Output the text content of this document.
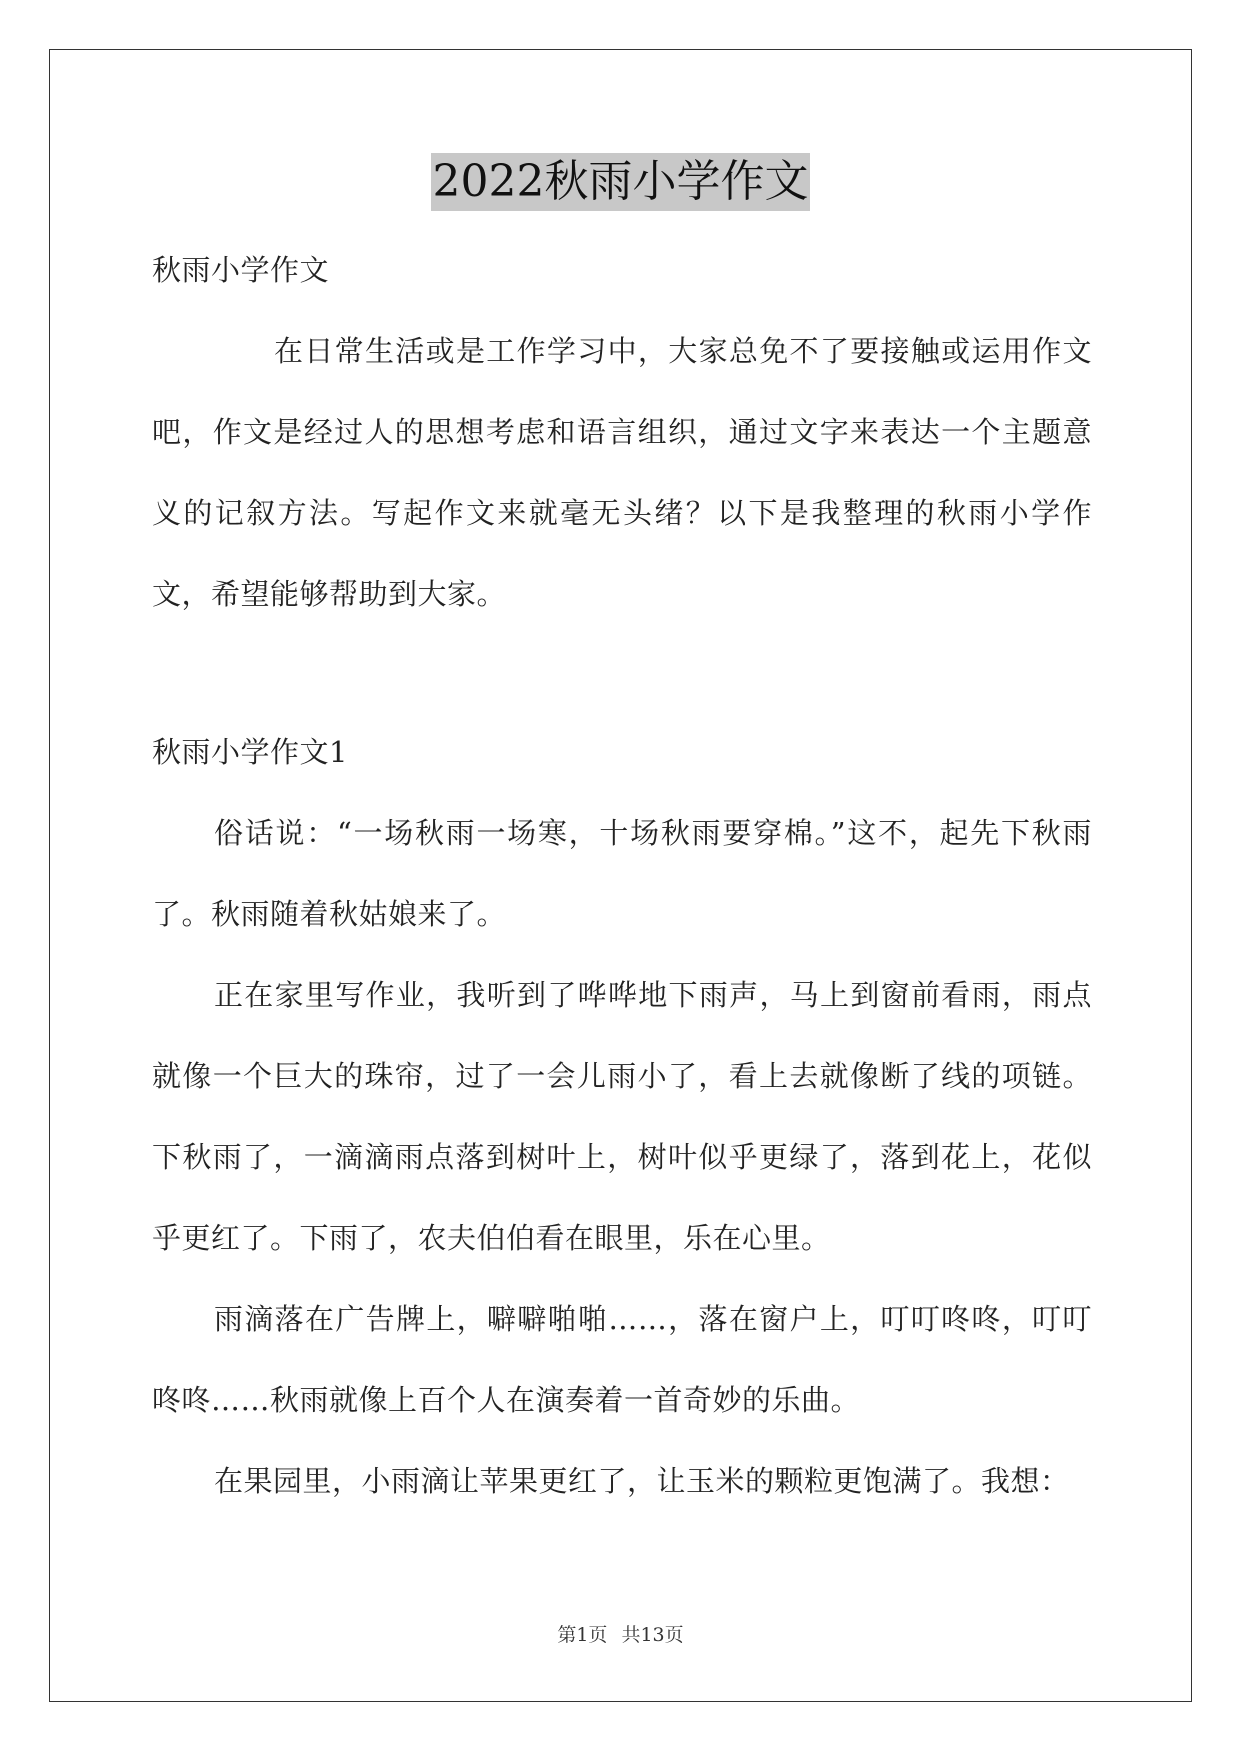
2022秋雨小学作文

秋雨小学作文

在日常生活或是工作学习中，大家总免不了要接触或运用作文吧，作文是经过人的思想考虑和语言组织，通过文字来表达一个主题意义的记叙方法。写起作文来就毫无头绪？以下是我整理的秋雨小学作文，希望能够帮助到大家。

秋雨小学作文1

俗话说：“一场秋雨一场寒，十场秋雨要穿棉。”这不，起先下秋雨了。秋雨随着秋姑娘来了。

正在家里写作业，我听到了哗哗地下雨声，马上到窗前看雨，雨点就像一个巨大的珠帘，过了一会儿雨小了，看上去就像断了线的项链。下秋雨了，一滴滴雨点落到树叶上，树叶似乎更绿了，落到花上，花似乎更红了。下雨了，农夫伯伯看在眼里，乐在心里。

雨滴落在广告牌上，噼噼啪啪……，落在窗户上，叮叮咚咚，叮叮咚咚……秋雨就像上百个人在演奏着一首奇妙的乐曲。

在果园里，小雨滴让苹果更红了，让玉米的颗粒更饱满了。我想：

第1页 共13页
